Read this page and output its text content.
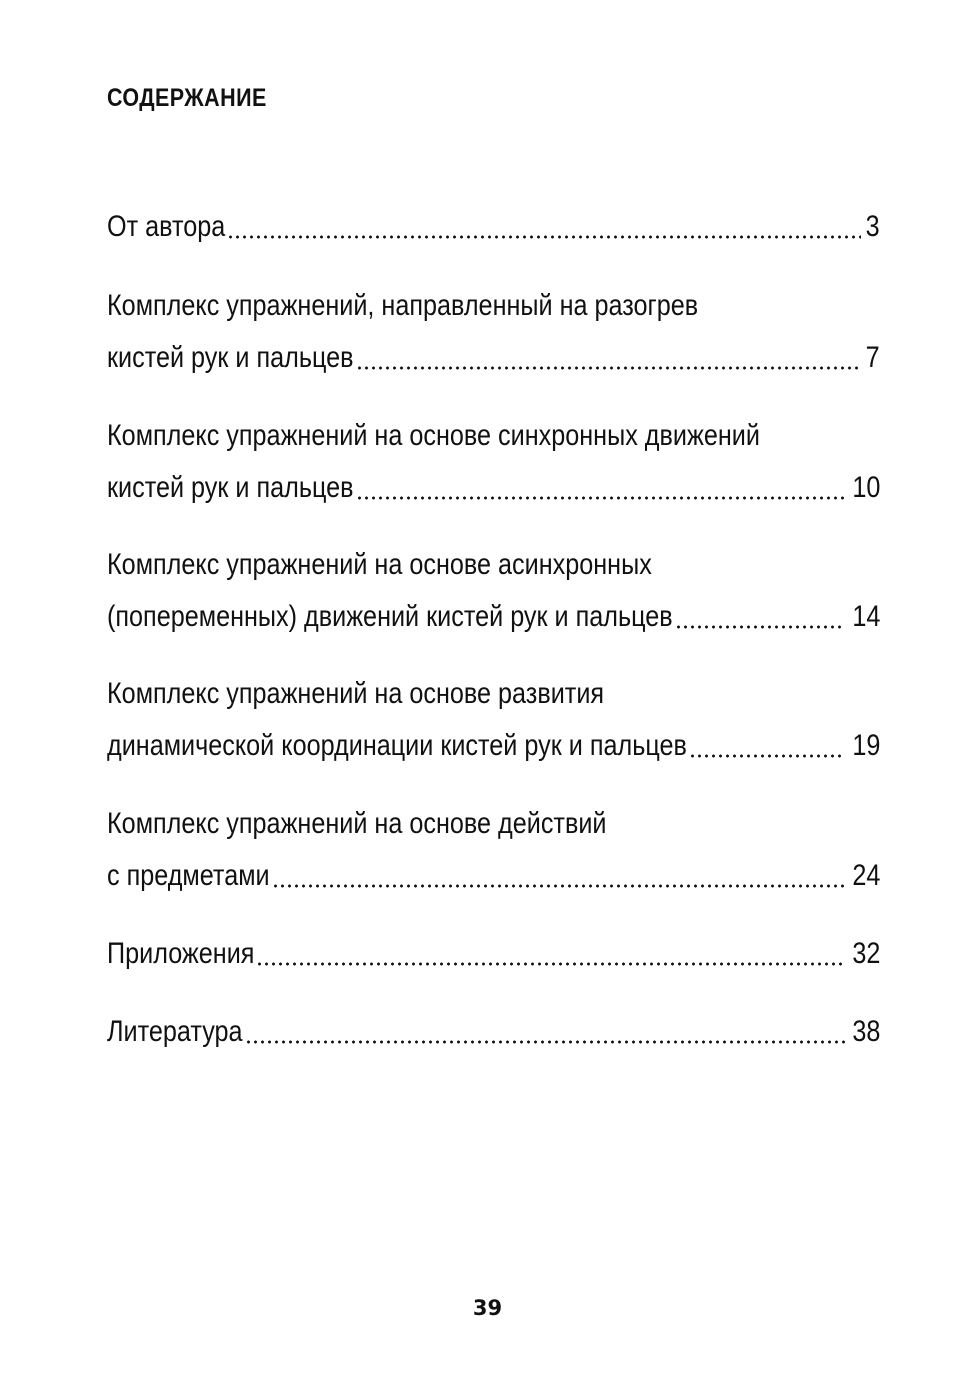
СОДЕРЖАНИЕ
От автора	3
Комплекс упражнений, направленный на разогрев
кистей рук и пальцев	7
Комплекс упражнений на основе синхронных движений
кистей рук и пальцев	10
Комплекс упражнений на основе асинхронных
(попеременных) движений кистей рук и пальцев	14
Комплекс упражнений на основе развития
динамической координации кистей рук и пальцев	19
Комплекс упражнений на основе действий
с предметами	24
Приложения	32
Литература	38
39
